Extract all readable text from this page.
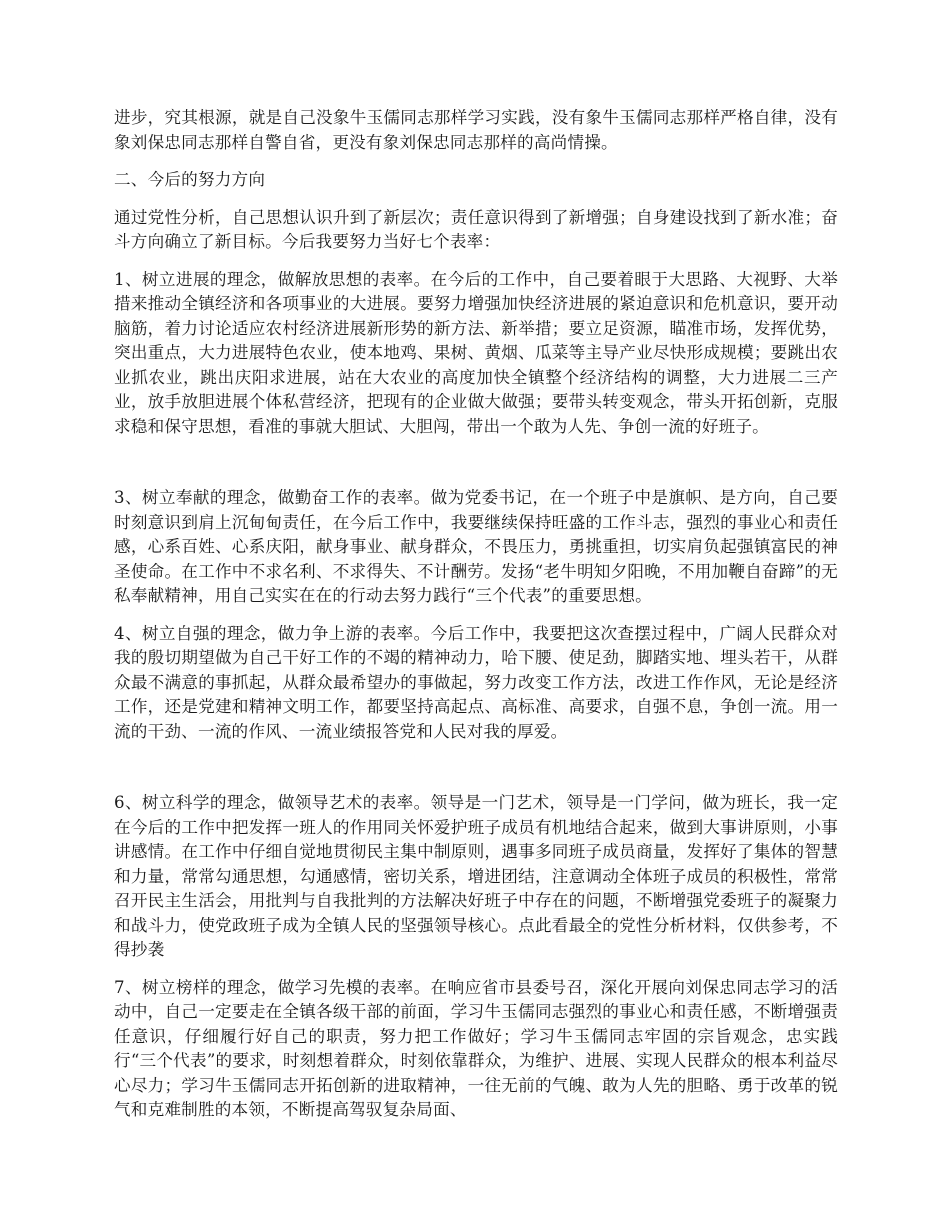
进步，究其根源，就是自己没象牛玉儒同志那样学习实践，没有象牛玉儒同志那样严格自律，没有象刘保忠同志那样自警自省，更没有象刘保忠同志那样的高尚情操。

二、今后的努力方向

通过党性分析，自己思想认识升到了新层次；责任意识得到了新增强；自身建设找到了新水准；奋斗方向确立了新目标。今后我要努力当好七个表率：

1、树立进展的理念，做解放思想的表率。在今后的工作中，自己要着眼于大思路、大视野、大举措来推动全镇经济和各项事业的大进展。要努力增强加快经济进展的紧迫意识和危机意识，要开动脑筋，着力讨论适应农村经济进展新形势的新方法、新举措；要立足资源，瞄准市场，发挥优势，突出重点，大力进展特色农业，使本地鸡、果树、黄烟、瓜菜等主导产业尽快形成规模；要跳出农业抓农业，跳出庆阳求进展，站在大农业的高度加快全镇整个经济结构的调整，大力进展二三产业，放手放胆进展个体私营经济，把现有的企业做大做强；要带头转变观念，带头开拓创新，克服求稳和保守思想，看准的事就大胆试、大胆闯，带出一个敢为人先、争创一流的好班子。

3、树立奉献的理念，做勤奋工作的表率。做为党委书记，在一个班子中是旗帜、是方向，自己要时刻意识到肩上沉甸甸责任，在今后工作中，我要继续保持旺盛的工作斗志，强烈的事业心和责任感，心系百姓、心系庆阳，献身事业、献身群众，不畏压力，勇挑重担，切实肩负起强镇富民的神圣使命。在工作中不求名利、不求得失、不计酬劳。发扬“老牛明知夕阳晚，不用加鞭自奋蹄”的无私奉献精神，用自己实实在在的行动去努力践行“三个代表”的重要思想。

4、树立自强的理念，做力争上游的表率。今后工作中，我要把这次查摆过程中，广阔人民群众对我的殷切期望做为自己干好工作的不竭的精神动力，哈下腰、使足劲，脚踏实地、埋头若干，从群众最不满意的事抓起，从群众最希望办的事做起，努力改变工作方法，改进工作作风，无论是经济工作，还是党建和精神文明工作，都要坚持高起点、高标准、高要求，自强不息，争创一流。用一流的干劲、一流的作风、一流业绩报答党和人民对我的厚爱。

6、树立科学的理念，做领导艺术的表率。领导是一门艺术，领导是一门学问，做为班长，我一定在今后的工作中把发挥一班人的作用同关怀爱护班子成员有机地结合起来，做到大事讲原则，小事讲感情。在工作中仔细自觉地贯彻民主集中制原则，遇事多同班子成员商量，发挥好了集体的智慧和力量，常常勾通思想，勾通感情，密切关系，增进团结，注意调动全体班子成员的积极性，常常召开民主生活会，用批判与自我批判的方法解决好班子中存在的问题，不断增强党委班子的凝聚力和战斗力，使党政班子成为全镇人民的坚强领导核心。点此看最全的党性分析材料，仅供参考，不得抄袭

7、树立榜样的理念，做学习先模的表率。在响应省市县委号召，深化开展向刘保忠同志学习的活动中，自己一定要走在全镇各级干部的前面，学习牛玉儒同志强烈的事业心和责任感，不断增强责任意识，仔细履行好自己的职责，努力把工作做好；学习牛玉儒同志牢固的宗旨观念，忠实践行“三个代表”的要求，时刻想着群众，时刻依靠群众，为维护、进展、实现人民群众的根本利益尽心尽力；学习牛玉儒同志开拓创新的进取精神，一往无前的气魄、敢为人先的胆略、勇于改革的锐气和克难制胜的本领，不断提高驾驭复杂局面、
